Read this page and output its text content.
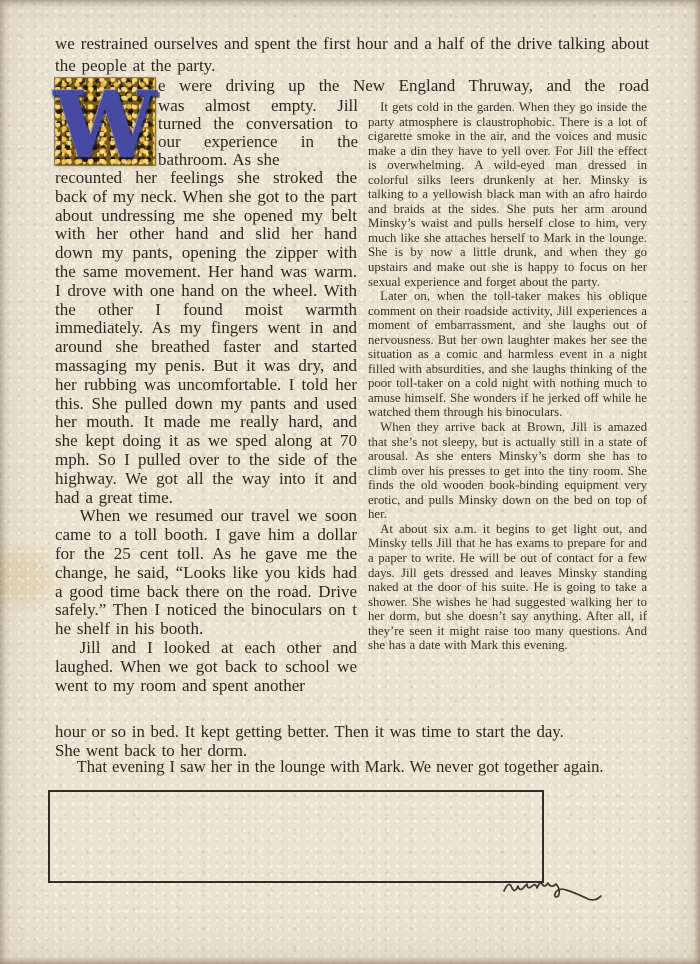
we restrained ourselves and spent the first hour and a half of the drive talking about the people at the party.
W e were driving up the New England Thruway, and the road
was almost empty. Jill turned the conversation to our experience in the bathroom. As she

recounted her feelings she stroked the back of my neck. When she got to the part about undressing me she opened my belt with her other hand and slid her hand down my pants, opening the zipper with the same movement. Her hand was warm. I drove with one hand on the wheel. With the other I found moist warmth immediately. As my fingers went in and around she breathed faster and started massaging my penis. But it was dry, and her rubbing was uncomfortable. I told her this. She pulled down my pants and used her mouth. It made me really hard, and she kept doing it as we sped along at 70 mph. So I pulled over to the side of the highway. We got all the way into it and had a great time.

When we resumed our travel we soon came to a toll booth. I gave him a dollar for the 25 cent toll. As he gave me the change, he said, “Looks like you kids had a good time back there on the road. Drive safely.” Then I noticed the binoculars on t he shelf in his booth.

Jill and I looked at each other and laughed. When we got back to school we went to my room and spent another

It gets cold in the garden. When they go inside the party atmosphere is claustrophobic. There is a lot of cigarette smoke in the air, and the voices and music make a din they have to yell over. For Jill the effect is overwhelming. A wild-eyed man dressed in colorful silks leers drunkenly at her. Minsky is talking to a yellowish black man with an afro hairdo and braids at the sides. She puts her arm around Minsky’s waist and pulls herself close to him, very much like she attaches herself to Mark in the lounge. She is by now a little drunk, and when they go upstairs and make out she is happy to focus on her sexual experience and forget about the party.

Later on, when the toll-taker makes his oblique comment on their roadside activity, Jill experiences a moment of embarrassment, and she laughs out of nervousness. But her own laughter makes her see the situation as a comic and harmless event in a night filled with absurdities, and she laughs thinking of the poor toll-taker on a cold night with nothing much to amuse himself. She wonders if he jerked off while he watched them through his binoculars.

When they arrive back at Brown, Jill is amazed that she’s not sleepy, but is actually still in a state of arousal. As she enters Minsky’s dorm she has to climb over his presses to get into the tiny room. She finds the old wooden book-binding equipment very erotic, and pulls Minsky down on the bed on top of her.

At about six a.m. it begins to get light out, and Minsky tells Jill that he has exams to prepare for and a paper to write. He will be out of contact for a few days. Jill gets dressed and leaves Minsky standing naked at the door of his suite. He is going to take a shower. She wishes he had suggested walking her to her dorm, but she doesn’t say anything. After all, if they’re seen it might raise too many questions. And she has a date with Mark this evening.

hour or so in bed. It kept getting better. Then it was time to start the day.
She went back to her dorm.
That evening I saw her in the lounge with Mark. We never got together again.
